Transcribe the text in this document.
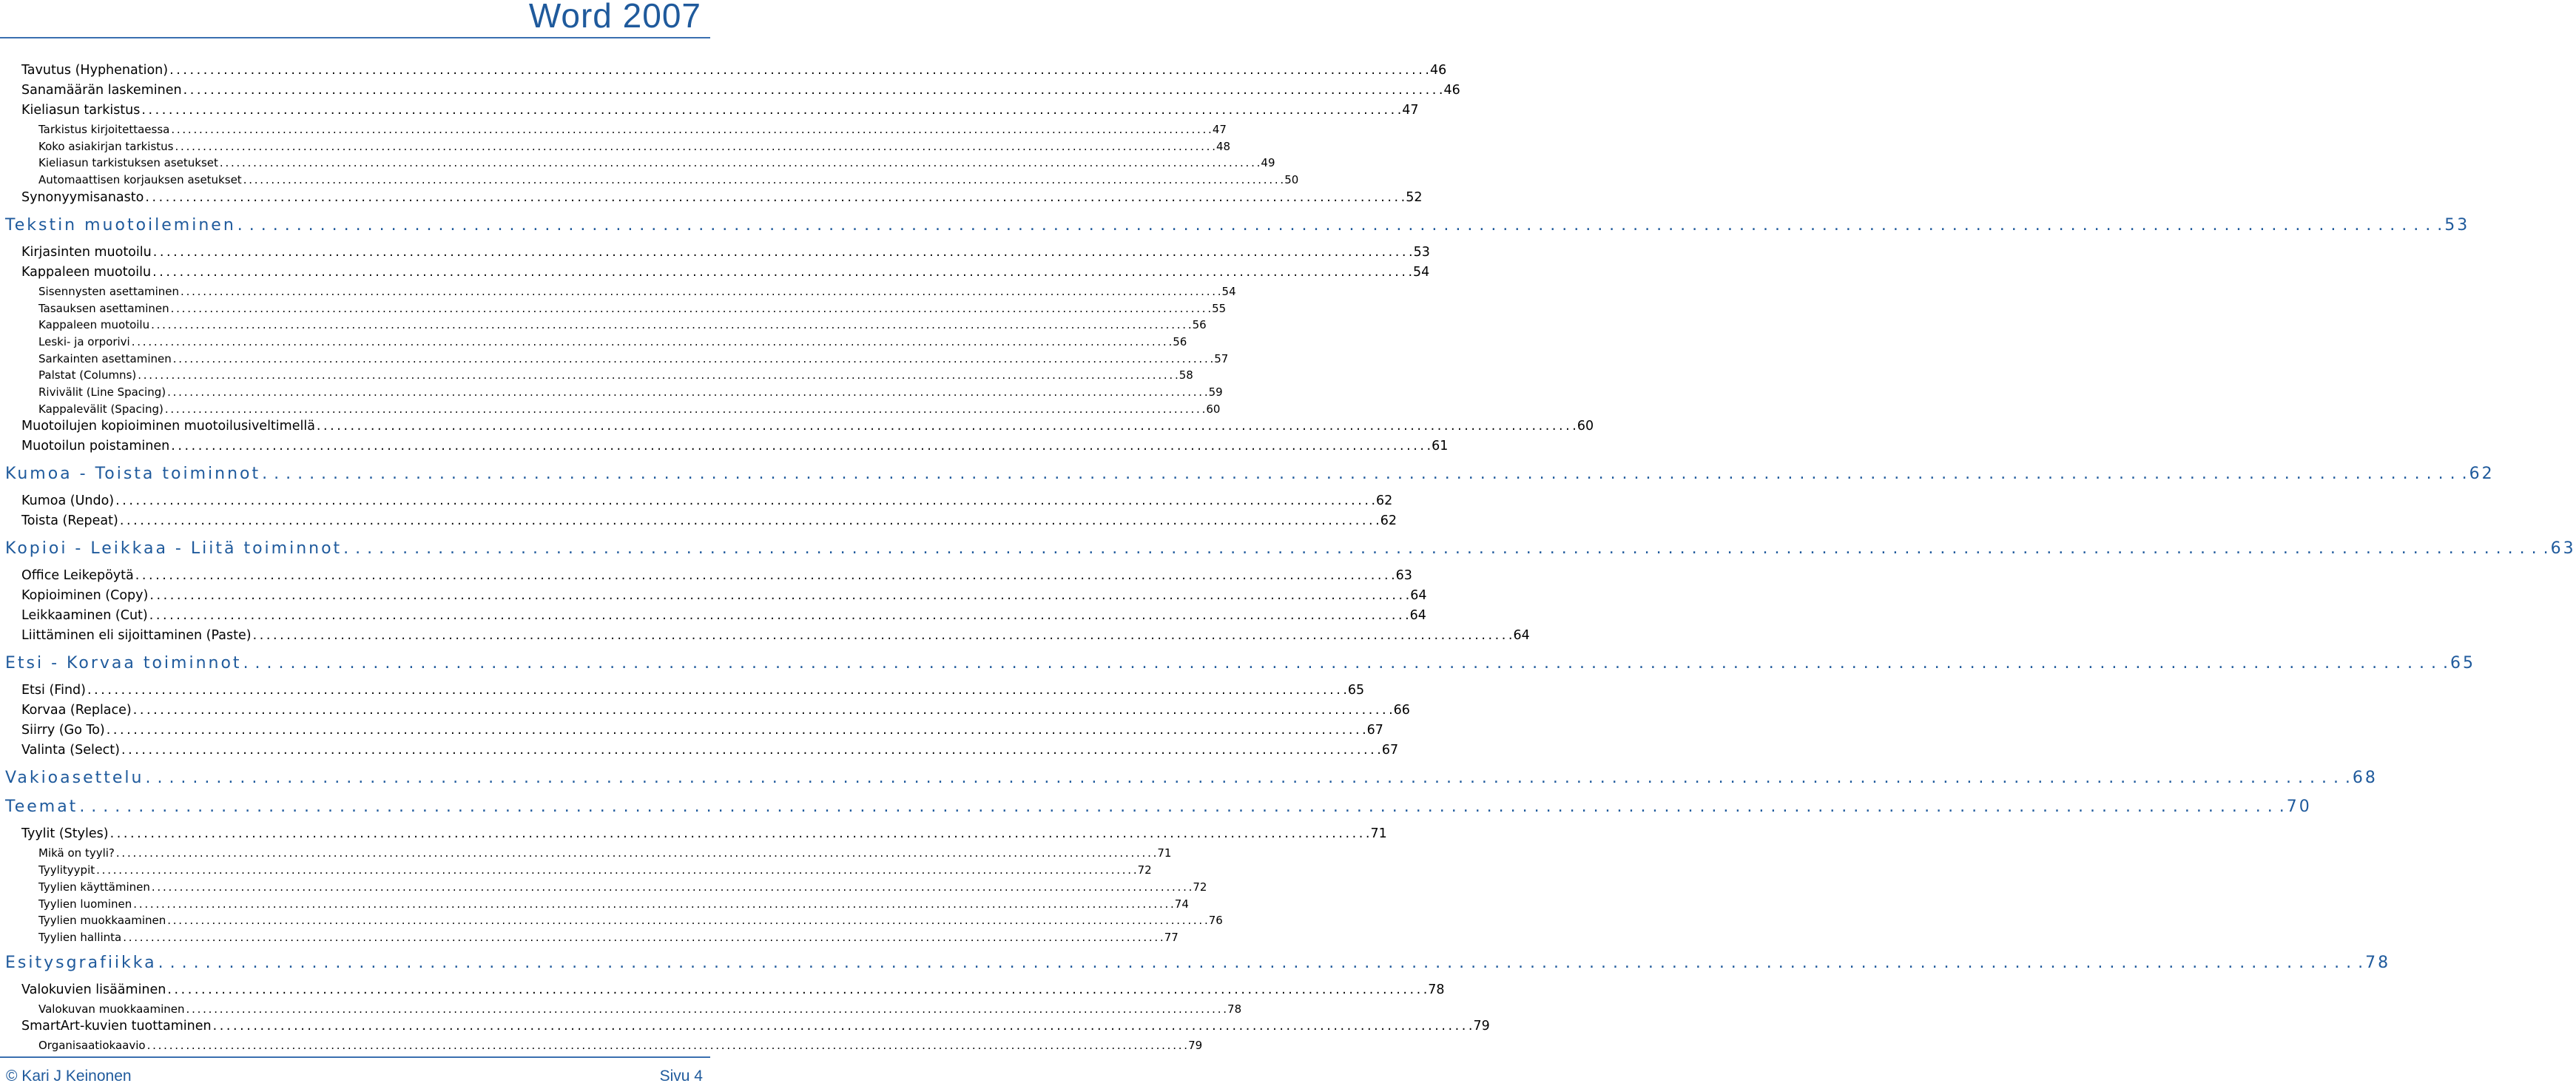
Word 2007
Tavutus (Hyphenation) . . .	46
Sanamäärän laskeminen . . .	46
Kieliasun tarkistus . . .	47
Tarkistus kirjoitettaessa . . .	47
Koko asiakirjan tarkistus . . .	48
Kieliasun tarkistuksen asetukset . . .	49
Automaattisen korjauksen asetukset . . .	50
Synonyymisanasto . . .	52
Tekstin muotoileminen . . .	53
Kirjasinten muotoilu . . .	53
Kappaleen muotoilu . . .	54
Sisennysten asettaminen . . .	54
Tasauksen asettaminen . . .	55
Kappaleen muotoilu . . .	56
Leski- ja orporivi . . .	56
Sarkainten asettaminen . . .	57
Palstat (Columns) . . .	58
Rivivälit (Line Spacing) . . .	59
Kappalevälit (Spacing) . . .	60
Muotoilujen kopioiminen muotoilusiveltimellä . . .	60
Muotoilun poistaminen . . .	61
Kumoa - Toista toiminnot . . .	62
Kumoa (Undo) . . .	62
Toista (Repeat) . . .	62
Kopioi - Leikkaa - Liitä toiminnot . . .	63
Office Leikepöytä . . .	63
Kopioiminen (Copy) . . .	64
Leikkaaminen (Cut) . . .	64
Liittäminen eli sijoittaminen (Paste) . . .	64
Etsi - Korvaa toiminnot . . .	65
Etsi (Find) . . .	65
Korvaa (Replace) . . .	66
Siirry (Go To) . . .	67
Valinta (Select) . . .	67
Vakioasettelu . . .	68
Teemat . . .	70
Tyylit (Styles) . . .	71
Mikä on tyyli? . . .	71
Tyylityypit . . .	72
Tyylien käyttäminen . . .	72
Tyylien luominen . . .	74
Tyylien muokkaaminen . . .	76
Tyylien hallinta . . .	77
Esitysgrafiikka . . .	78
Valokuvien lisääminen . . .	78
Valokuvan muokkaaminen . . .	78
SmartArt-kuvien tuottaminen . . .	79
Organisaatiokaavio . . .	79
© Kari J Keinonen	Sivu 4
